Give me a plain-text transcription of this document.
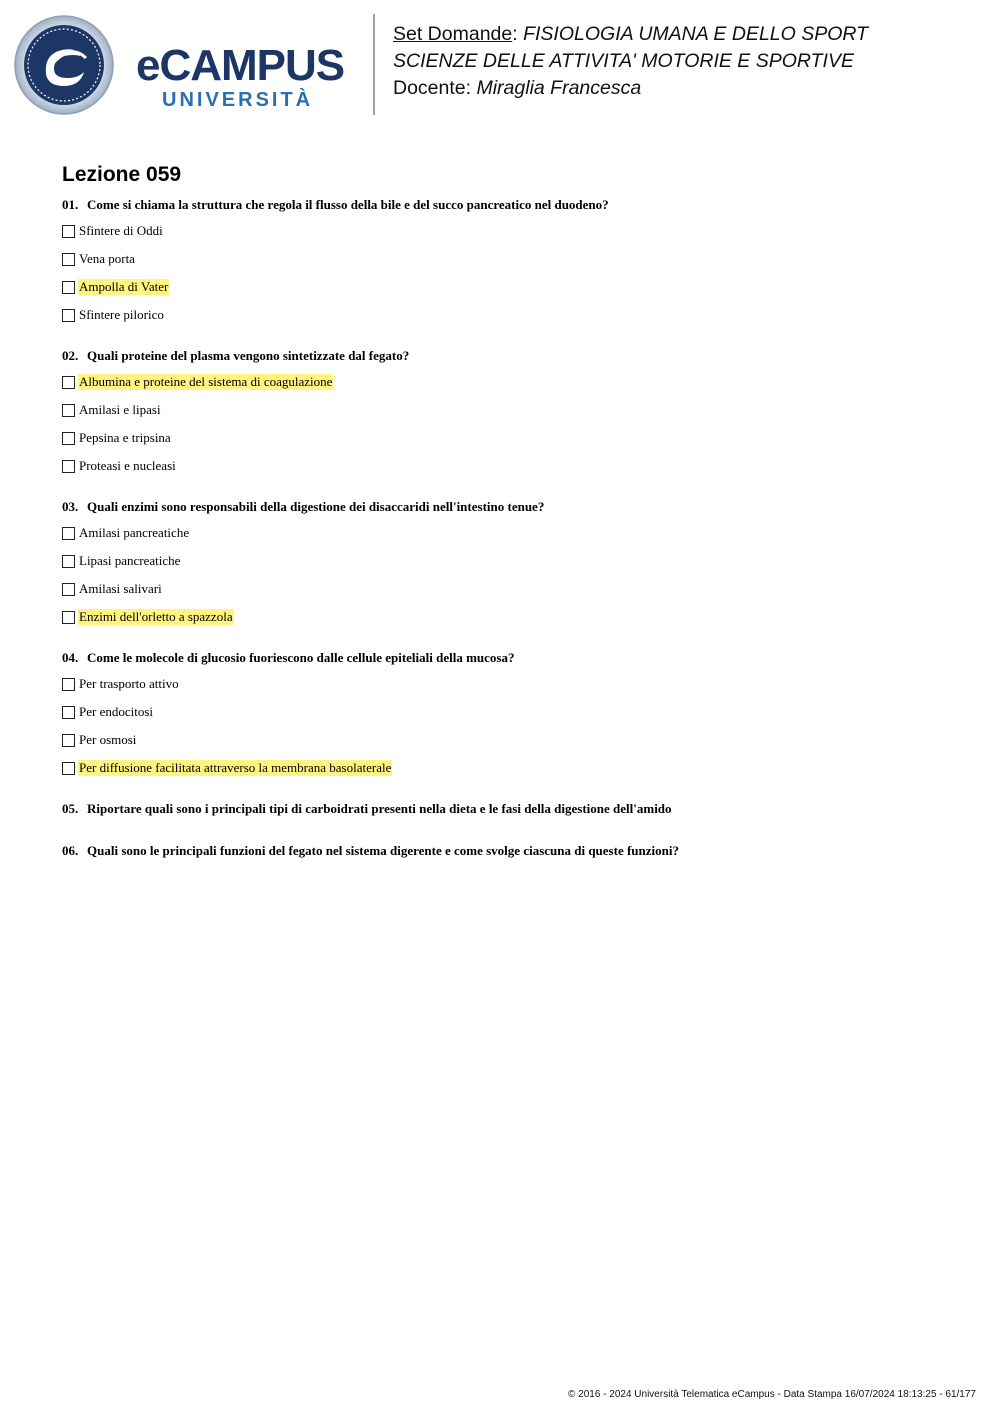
eCAMPUS
UNIVERSITÀ
Set Domande: FISIOLOGIA UMANA E DELLO SPORT
SCIENZE DELLE ATTIVITA' MOTORIE E SPORTIVE
Docente: Miraglia Francesca
Lezione 059

01. Come si chiama la struttura che regola il flusso della bile e del succo pancreatico nel duodeno?

Sfintere di Oddi
Vena porta
Ampolla di Vater
Sfintere pilorico

02. Quali proteine del plasma vengono sintetizzate dal fegato?

Albumina e proteine del sistema di coagulazione
Amilasi e lipasi
Pepsina e tripsina
Proteasi e nucleasi

03. Quali enzimi sono responsabili della digestione dei disaccaridi nell'intestino tenue?

Amilasi pancreatiche
Lipasi pancreatiche
Amilasi salivari
Enzimi dell'orletto a spazzola

04. Come le molecole di glucosio fuoriescono dalle cellule epiteliali della mucosa?

Per trasporto attivo
Per endocitosi
Per osmosi
Per diffusione facilitata attraverso la membrana basolaterale

05. Riportare quali sono i principali tipi di carboidrati presenti nella dieta e le fasi della digestione dell'amido

06. Quali sono le principali funzioni del fegato nel sistema digerente e come svolge ciascuna di queste funzioni?

© 2016 - 2024 Università Telematica eCampus - Data Stampa 16/07/2024 18:13:25 - 61/177
